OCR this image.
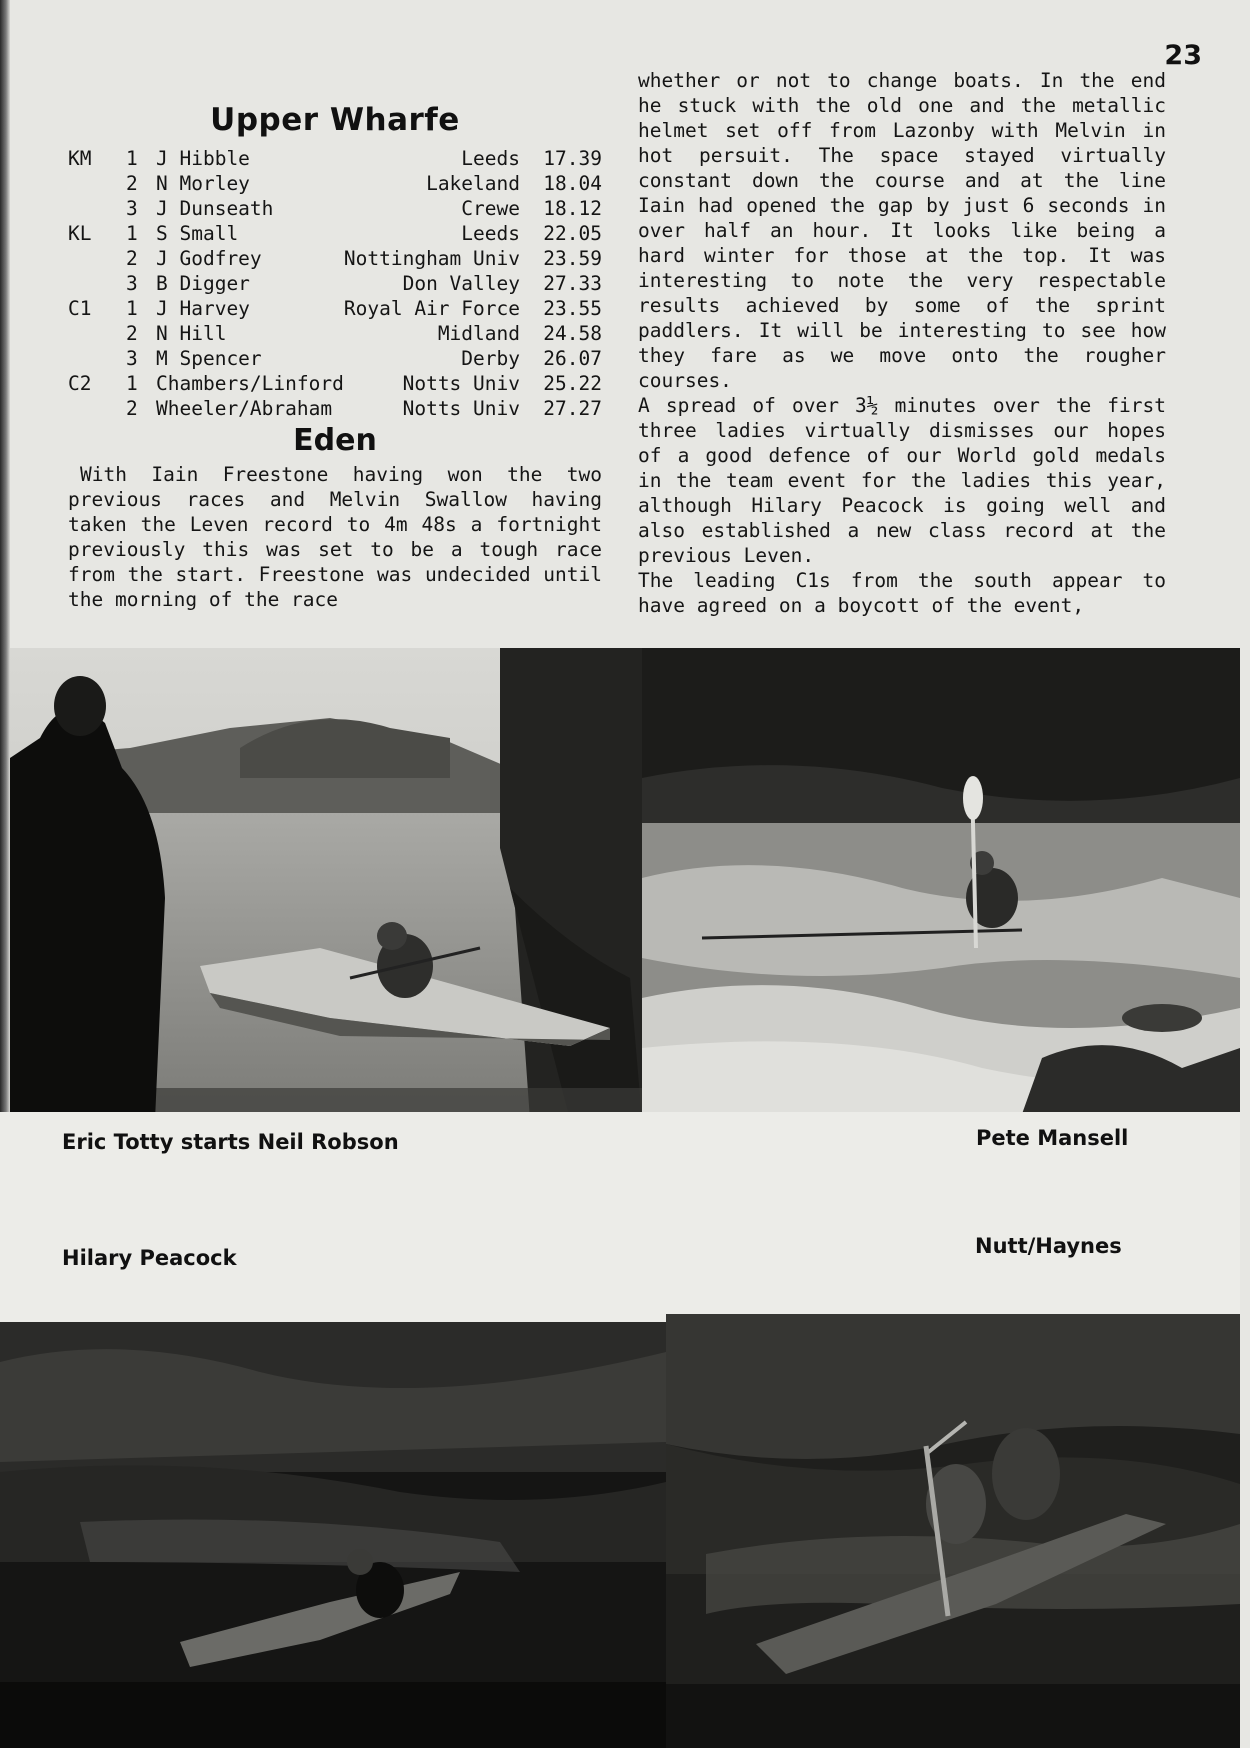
23
Upper Wharfe
KM	1	J Hibble	Leeds	17.39
	2	N Morley	Lakeland	18.04
	3	J Dunseath	Crewe	18.12
KL	1	S Small	Leeds	22.05
	2	J Godfrey	Nottingham Univ	23.59
	3	B Digger	Don Valley	27.33
C1	1	J Harvey	Royal Air Force	23.55
	2	N Hill	Midland	24.58
	3	M Spencer	Derby	26.07
C2	1	Chambers/Linford	Notts Univ	25.22
	2	Wheeler/Abraham	Notts Univ	27.27
Eden

With Iain Freestone having won the two previous races and Melvin Swallow having taken the Leven record to 4m 48s a fortnight previously this was set to be a tough race from the start. Freestone was undecided until the morning of the race

whether or not to change boats. In the end he stuck with the old one and the metallic helmet set off from Lazonby with Melvin in hot persuit. The space stayed virtually constant down the course and at the line Iain had opened the gap by just 6 seconds in over half an hour. It looks like being a hard winter for those at the top. It was interesting to note the very respectable results achieved by some of the sprint paddlers. It will be interesting to see how they fare as we move onto the rougher courses.

A spread of over 3½ minutes over the first three ladies virtually dismisses our hopes of a good defence of our World gold medals in the team event for the ladies this year, although Hilary Peacock is going well and also established a new class record at the previous Leven.

The leading C1s from the south appear to have agreed on a boycott of the event,

Eric Totty starts Neil Robson	Pete Mansell
Hilary Peacock	Nutt/Haynes
